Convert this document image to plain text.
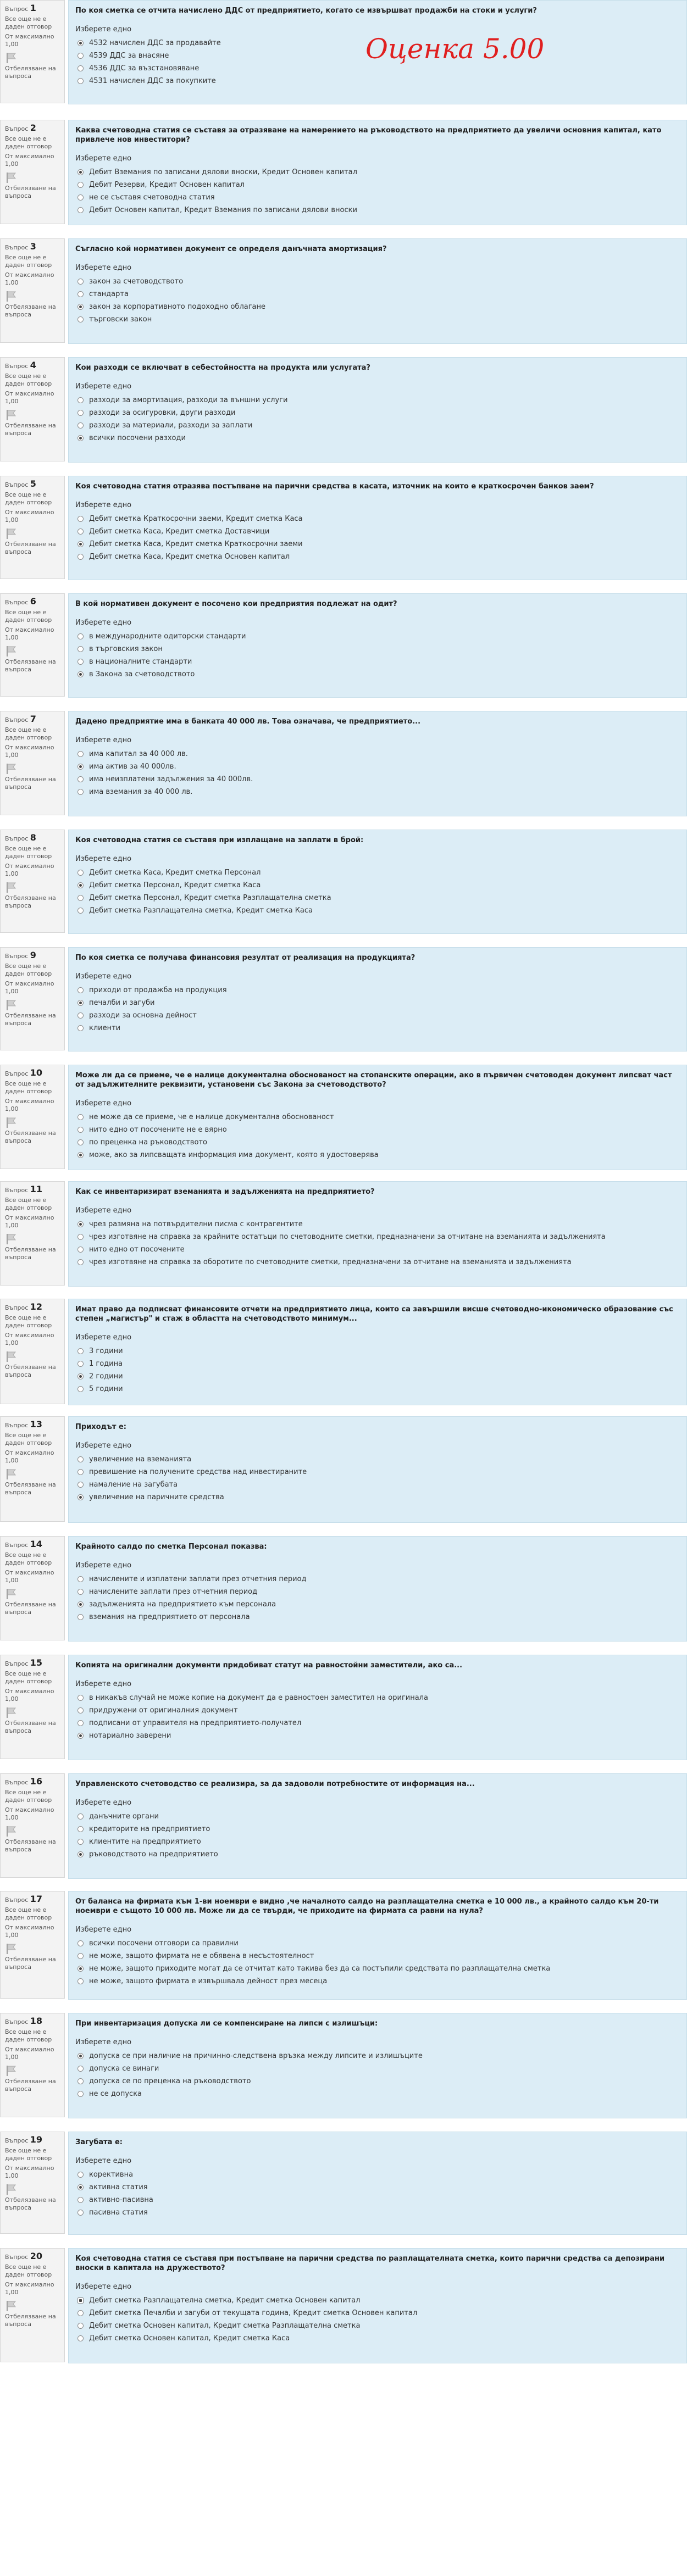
Въпрос 1
Все още не е даден отговор
От максимално
1,00
Отбелязване на въпроса
По коя сметка се отчита начислено ДДС от предприятието, когато се извършват продажби на стоки и услуги?
Изберете едно
4532 начислен ДДС за продавайте
4539 ДДС за внасяне
4536 ДДС за възстановяване
4531 начислен ДДС за покупките
Въпрос 2
Все още не е даден отговор
От максимално
1,00
Отбелязване на въпроса
Каква счетоводна статия се съставя за отразяване на намерението на ръководството на предприятието да увеличи основния капитал, като привлече нов инвеститори?
Изберете едно
Дебит Вземания по записани дялови вноски, Кредит Основен капитал
Дебит Резерви, Кредит Основен капитал
не се съставя счетоводна статия
Дебит Основен капитал, Кредит Вземания по записани дялови вноски
Въпрос 3
Все още не е даден отговор
От максимално
1,00
Отбелязване на въпроса
Съгласно кой нормативен документ се определя данъчната амортизация?
Изберете едно
закон за счетоводството
стандарта
закон за корпоративното подоходно облагане
търговски закон
Въпрос 4
Все още не е даден отговор
От максимално
1,00
Отбелязване на въпроса
Кои разходи се включват в себестойността на продукта или услугата?
Изберете едно
разходи за амортизация, разходи за външни услуги
разходи за осигуровки, други разходи
разходи за материали, разходи за заплати
всички посочени разходи
Въпрос 5
Все още не е даден отговор
От максимално
1,00
Отбелязване на въпроса
Коя счетоводна статия отразява постъпване на парични средства в касата, източник на които е краткосрочен банков заем?
Изберете едно
Дебит сметка Краткосрочни заеми, Кредит сметка Каса
Дебит сметка Каса, Кредит сметка Доставчици
Дебит сметка Каса, Кредит сметка Краткосрочни заеми
Дебит сметка Каса, Кредит сметка Основен капитал
Въпрос 6
Все още не е даден отговор
От максимално
1,00
Отбелязване на въпроса
В кой нормативен документ е посочено кои предприятия подлежат на одит?
Изберете едно
в международните одиторски стандарти
в търговския закон
в националните стандарти
в Закона за счетоводството
Въпрос 7
Все още не е даден отговор
От максимално
1,00
Отбелязване на въпроса
Дадено предприятие има в банката 40 000 лв. Това означава, че предприятието...
Изберете едно
има капитал за 40 000 лв.
има актив за 40 000лв.
има неизплатени задължения за 40 000лв.
има вземания за 40 000 лв.
Въпрос 8
Все още не е даден отговор
От максимално
1,00
Отбелязване на въпроса
Коя счетоводна статия се съставя при изплащане на заплати в брой:
Изберете едно
Дебит сметка Каса, Кредит сметка Персонал
Дебит сметка Персонал, Кредит сметка Каса
Дебит сметка Персонал, Кредит сметка Разплащателна сметка
Дебит сметка Разплащателна сметка, Кредит сметка Каса
Въпрос 9
Все още не е даден отговор
От максимално
1,00
Отбелязване на въпроса
По коя сметка се получава финансовия резултат от реализация на продукцията?
Изберете едно
приходи от продажба на продукция
печалби и загуби
разходи за основна дейност
клиенти
Въпрос 10
Все още не е даден отговор
От максимално
1,00
Отбелязване на въпроса
Може ли да се приеме, че е налице документална обоснованост на стопанските операции, ако в първичен счетоводен документ липсват част от задължителните реквизити, установени със Закона за счетоводството?
Изберете едно
не може да се приеме, че е налице документална обоснованост
нито едно от посочените не е вярно
по преценка на ръководството
може, ако за липсващата информация има документ, която я удостоверява
Въпрос 11
Все още не е даден отговор
От максимално
1,00
Отбелязване на въпроса
Как се инвентаризират вземанията и задълженията на предприятието?
Изберете едно
чрез размяна на потвърдителни писма с контрагентите
чрез изготвяне на справка за крайните остатъци по счетоводните сметки, предназначени за отчитане на вземанията и задълженията
нито едно от посочените
чрез изготвяне на справка за оборотите по счетоводните сметки, предназначени за отчитане на вземанията и задълженията
Въпрос 12
Все още не е даден отговор
От максимално
1,00
Отбелязване на въпроса
Имат право да подписват финансовите отчети на предприятието лица, които са завършили висше счетоводно-икономическо образование със степен „магистър" и стаж в областта на счетоводството минимум...
Изберете едно
3 години
1 година
2 години
5 години
Въпрос 13
Все още не е даден отговор
От максимално
1,00
Отбелязване на въпроса
Приходът е:
Изберете едно
увеличение на вземанията
превишение на получените средства над инвестираните
намаление на загубата
увеличение на паричните средства
Въпрос 14
Все още не е даден отговор
От максимално
1,00
Отбелязване на въпроса
Крайното салдо по сметка Персонал показва:
Изберете едно
начислените и изплатени заплати през отчетния период
начислените заплати през отчетния период
задълженията на предприятието към персонала
вземания на предприятието от персонала
Въпрос 15
Все още не е даден отговор
От максимално
1,00
Отбелязване на въпроса
Копията на оригинални документи придобиват статут на равностойни заместители, ако са...
Изберете едно
в никакъв случай не може копие на документ да е равностоен заместител на оригинала
придружени от оригиналния документ
подписани от управителя на предприятието-получател
нотариално заверени
Въпрос 16
Все още не е даден отговор
От максимално
1,00
Отбелязване на въпроса
Управленското счетоводство се реализира, за да задоволи потребностите от информация на...
Изберете едно
данъчните органи
кредиторите на предприятието
клиентите на предприятието
ръководството на предприятието
Въпрос 17
Все още не е даден отговор
От максимално
1,00
Отбелязване на въпроса
От баланса на фирмата към 1-ви ноември е видно ,че началното салдо на разплащателна сметка е 10 000 лв., а крайното салдо към 20-ти ноември е същото 10 000 лв. Може ли да се твърди, че приходите на фирмата са равни на нула?
Изберете едно
всички посочени отговори са правилни
не може, защото фирмата не е обявена в несъстоятелност
не може, защото приходите могат да се отчитат като такива без да са постъпили средствата по разплащателна сметка
не може, защото фирмата е извършвала дейност през месеца
Въпрос 18
Все още не е даден отговор
От максимално
1,00
Отбелязване на въпроса
При инвентаризация допуска ли се компенсиране на липси с излишъци:
Изберете едно
допуска се при наличие на причинно-следствена връзка между липсите и излишъците
допуска се винаги
допуска се по преценка на ръководството
не се допуска
Въпрос 19
Все още не е даден отговор
От максимално
1,00
Отбелязване на въпроса
Загубата е:
Изберете едно
корективна
активна статия
активно-пасивна
пасивна статия
Въпрос 20
Все още не е даден отговор
От максимално
1,00
Отбелязване на въпроса
Коя счетоводна статия се съставя при постъпване на парични средства по разплащателната сметка, които парични средства са депозирани вноски в капитала на дружеството?
Изберете едно
Дебит сметка Разплащателна сметка, Кредит сметка Основен капитал
Дебит сметка Печалби и загуби от текущата година, Кредит сметка Основен капитал
Дебит сметка Основен капитал, Кредит сметка Разплащателна сметка
Дебит сметка Основен капитал, Кредит сметка Каса
Оценка 5.00
